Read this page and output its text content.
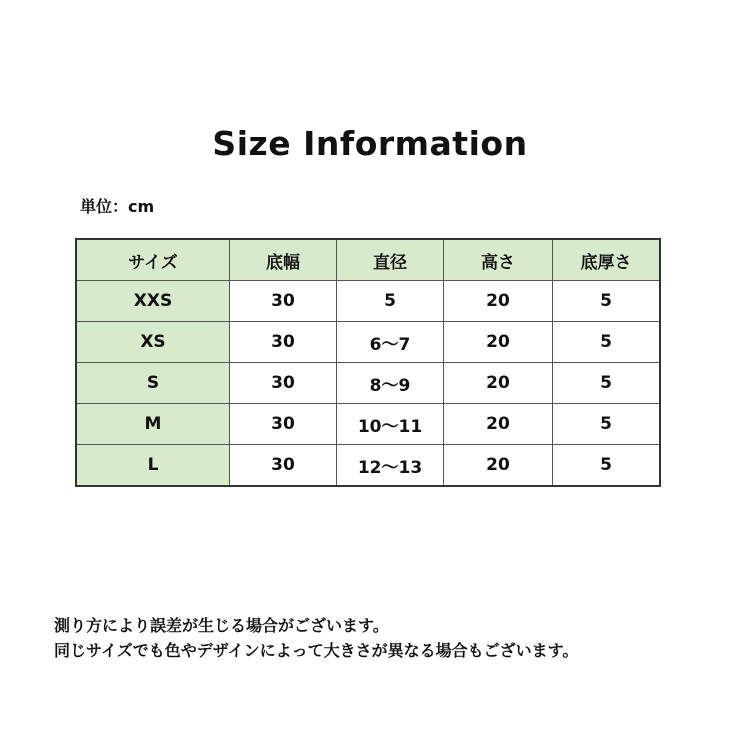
Size Information
単位：cm
サイズ	底幅	直径	高さ	底厚さ
XXS	30	5	20	5
XS	30	6～7	20	5
S	30	8～9	20	5
M	30	10～11	20	5
L	30	12～13	20	5
測り方により誤差が生じる場合がございます。
同じサイズでも色やデザインによって大きさが異なる場合もございます。
